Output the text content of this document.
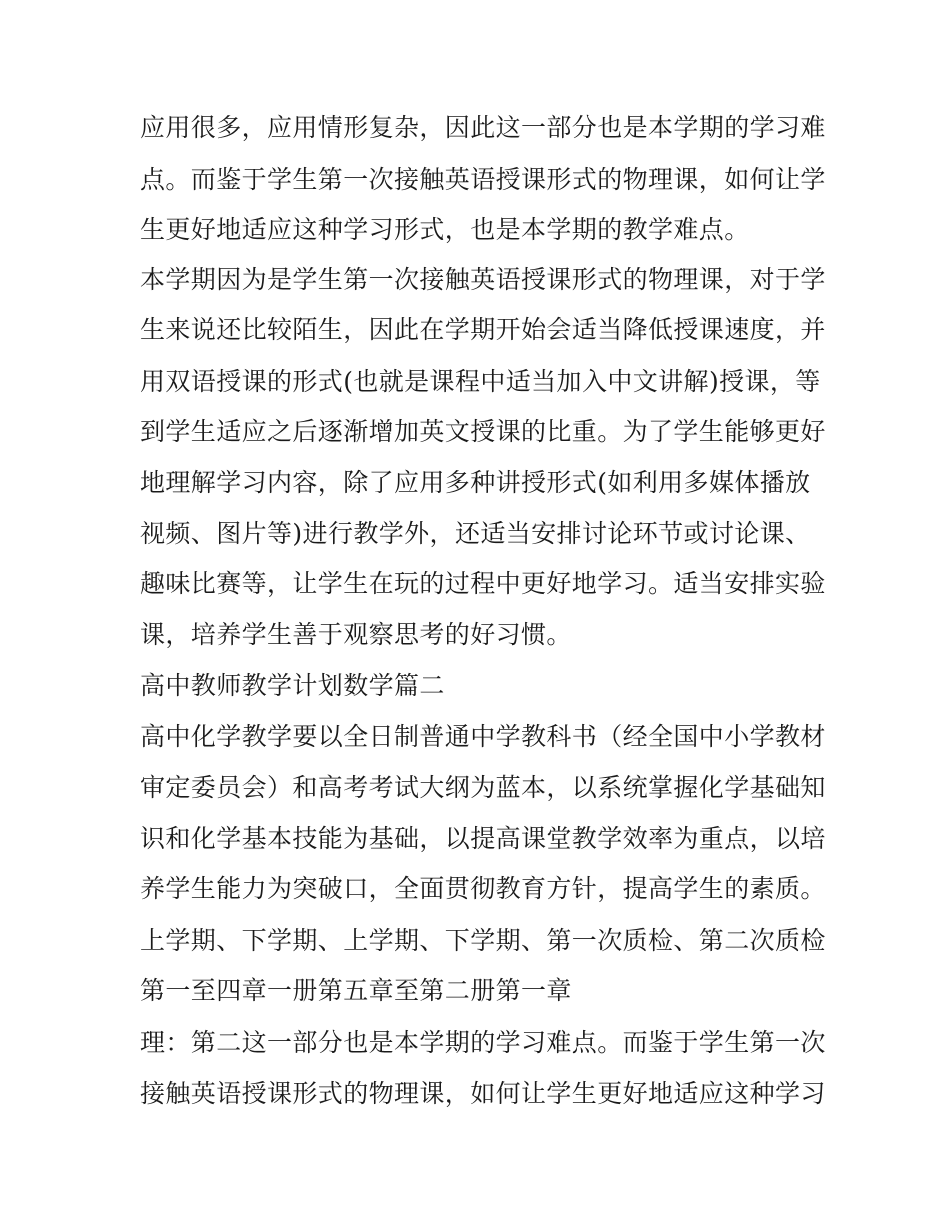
应用很多，应用情形复杂，因此这一部分也是本学期的学习难

点。而鉴于学生第一次接触英语授课形式的物理课，如何让学

生更好地适应这种学习形式，也是本学期的教学难点。

本学期因为是学生第一次接触英语授课形式的物理课，对于学

生来说还比较陌生，因此在学期开始会适当降低授课速度，并

用双语授课的形式(也就是课程中适当加入中文讲解)授课，等

到学生适应之后逐渐增加英文授课的比重。为了学生能够更好

地理解学习内容，除了应用多种讲授形式(如利用多媒体播放

视频、图片等)进行教学外，还适当安排讨论环节或讨论课、

趣味比赛等，让学生在玩的过程中更好地学习。适当安排实验

课，培养学生善于观察思考的好习惯。

高中教师教学计划数学篇二

高中化学教学要以全日制普通中学教科书（经全国中小学教材

审定委员会）和高考考试大纲为蓝本，以系统掌握化学基础知

识和化学基本技能为基础，以提高课堂教学效率为重点，以培

养学生能力为突破口，全面贯彻教育方针，提高学生的素质。

上学期、下学期、上学期、下学期、第一次质检、第二次质检

第一至四章一册第五章至第二册第一章

理：第二这一部分也是本学期的学习难点。而鉴于学生第一次

接触英语授课形式的物理课，如何让学生更好地适应这种学习
